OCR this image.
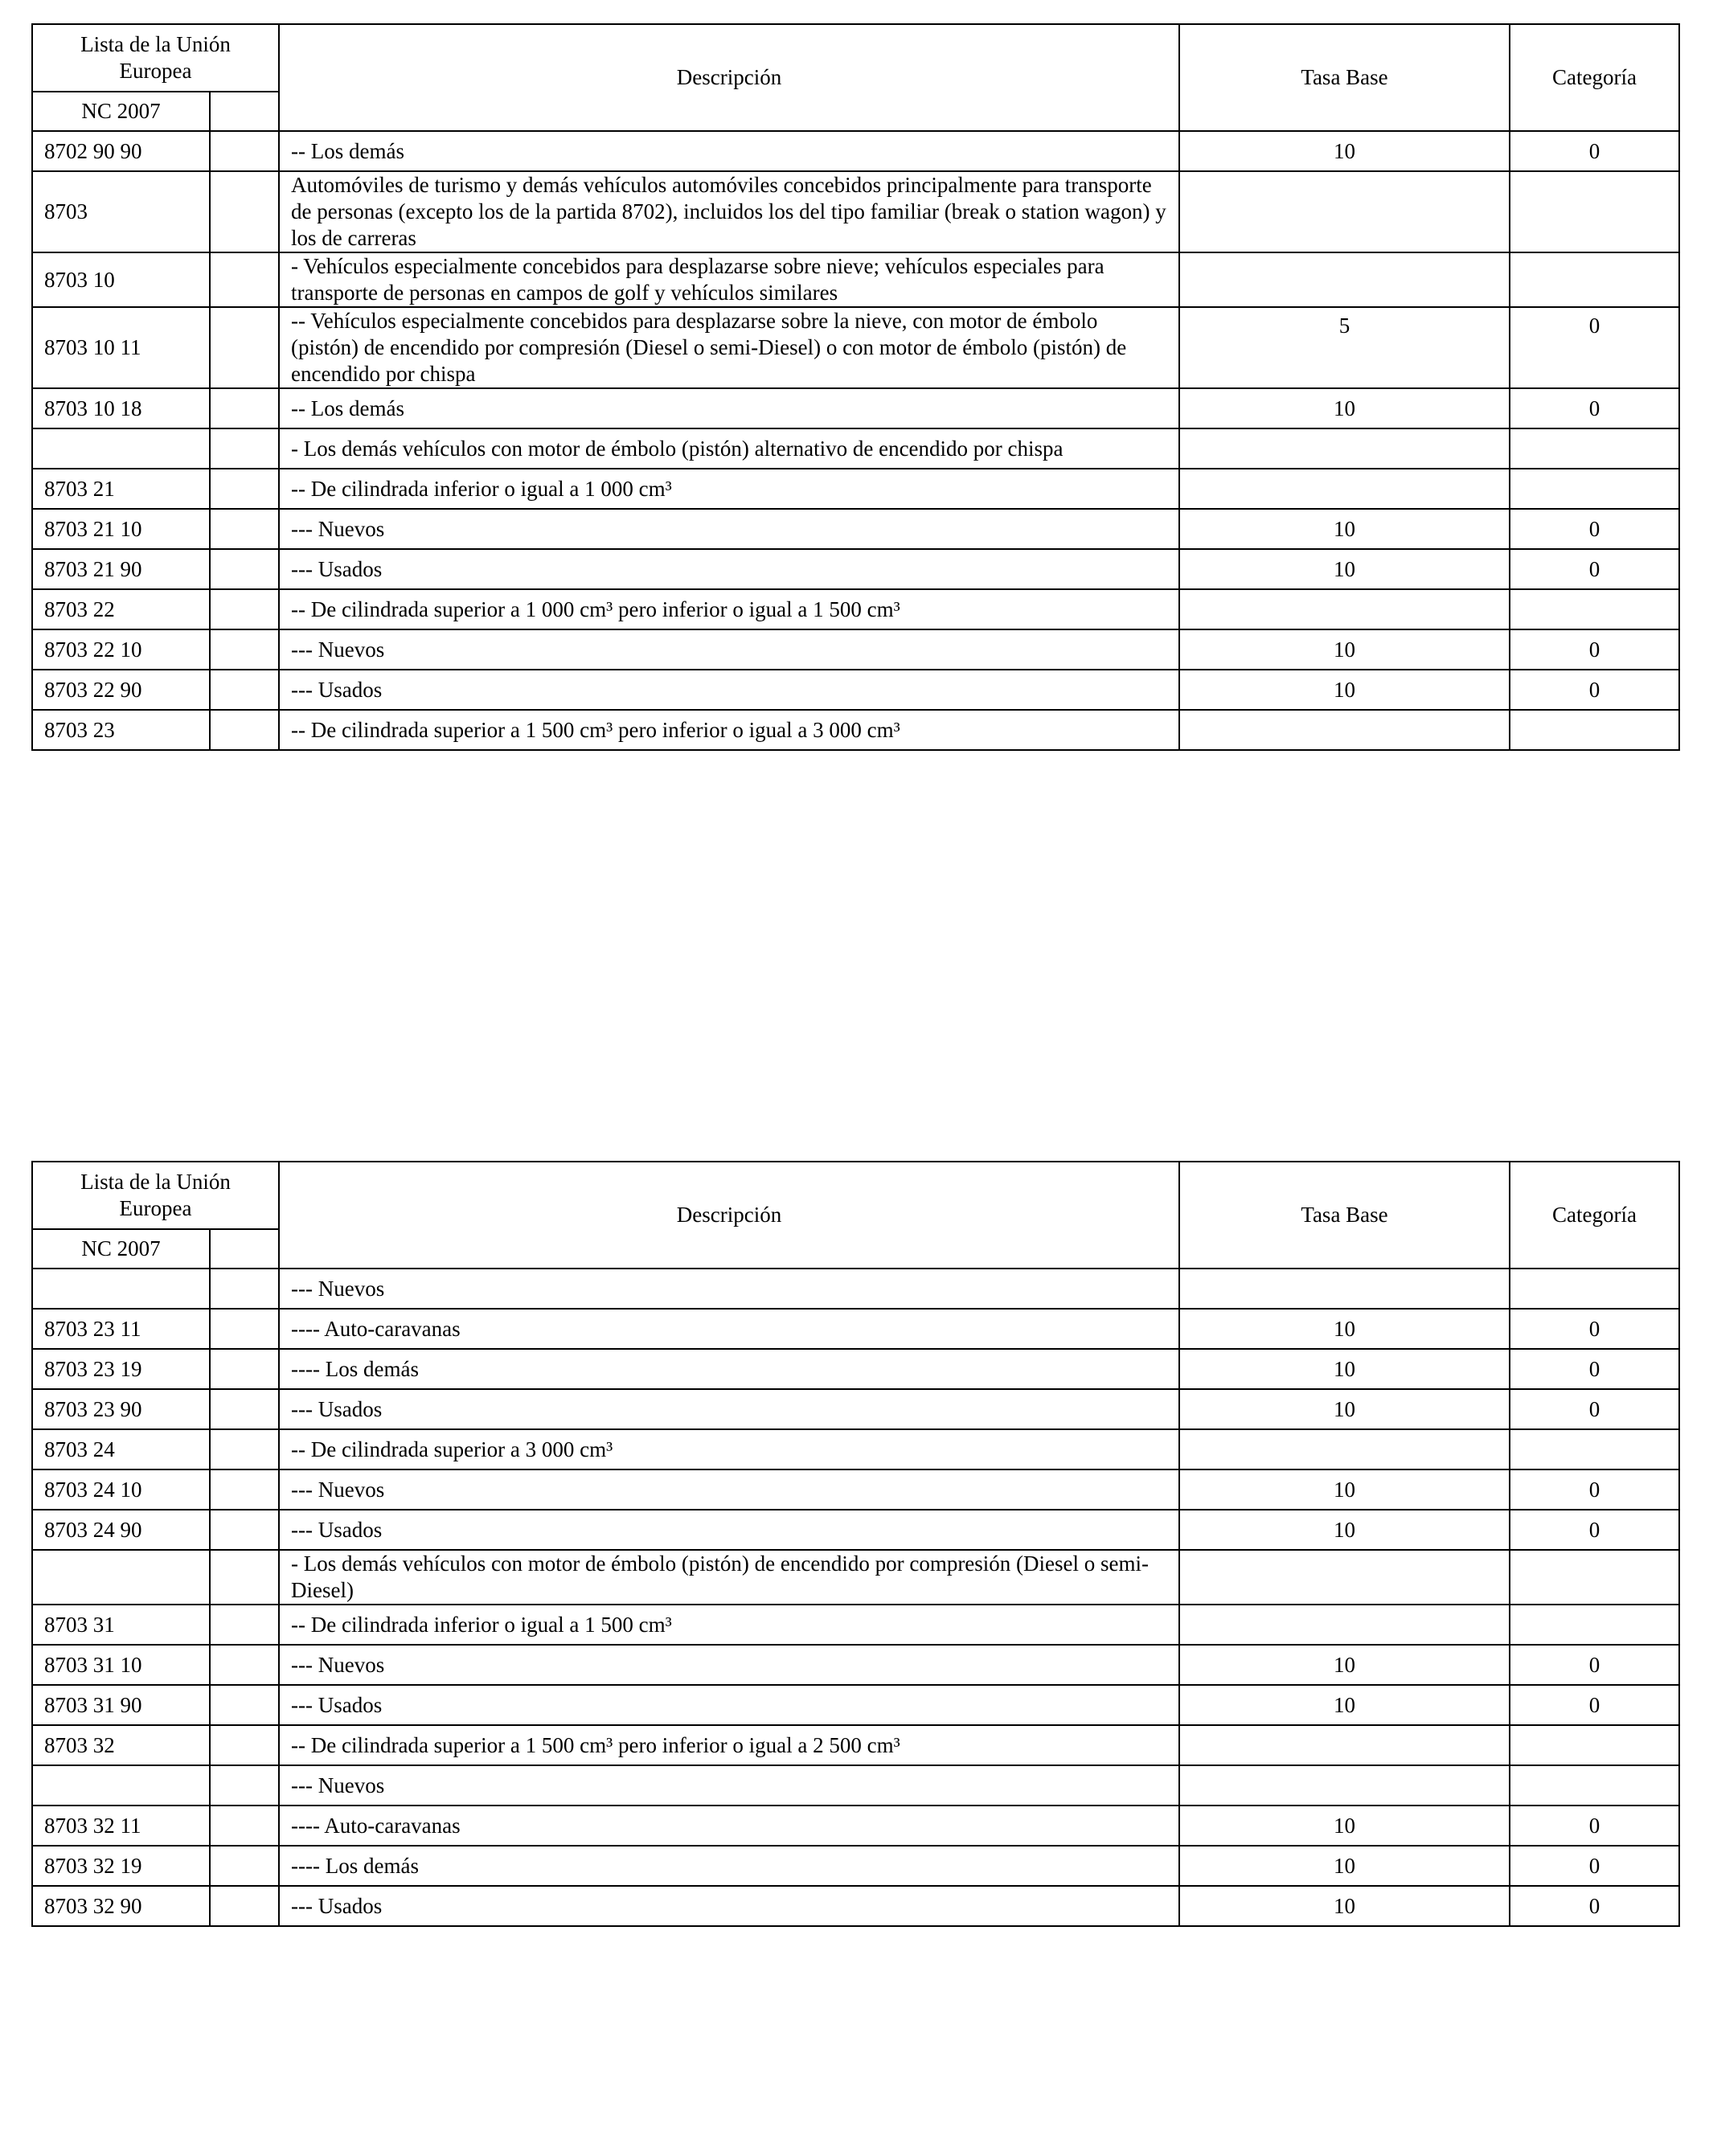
Lista de la Unión Europea		Descripción	Tasa Base	Categoría
NC 2007				
8702 90 90		-- Los demás	10	0
8703		Automóviles de turismo y demás vehículos automóviles concebidos principalmente para transporte de personas (excepto los de la partida 8702), incluidos los del tipo familiar (break o station wagon) y los de carreras		
8703 10		- Vehículos especialmente concebidos para desplazarse sobre nieve; vehículos especiales para transporte de personas en campos de golf y vehículos similares		
8703 10 11		-- Vehículos especialmente concebidos para desplazarse sobre la nieve, con motor de émbolo (pistón) de encendido por compresión (Diesel o semi-Diesel) o con motor de émbolo (pistón) de encendido por chispa	5	0
8703 10 18		-- Los demás	10	0
		- Los demás vehículos con motor de émbolo (pistón) alternativo de encendido por chispa		
8703 21		-- De cilindrada inferior o igual a 1 000 cm³		
8703 21 10		--- Nuevos	10	0
8703 21 90		--- Usados	10	0
8703 22		-- De cilindrada superior a 1 000 cm³ pero inferior o igual a 1 500 cm³		
8703 22 10		--- Nuevos	10	0
8703 22 90		--- Usados	10	0
8703 23		-- De cilindrada superior a 1 500 cm³ pero inferior o igual a 3 000 cm³		
Lista de la Unión Europea		Descripción	Tasa Base	Categoría
NC 2007				
		--- Nuevos		
8703 23 11		---- Auto-caravanas	10	0
8703 23 19		---- Los demás	10	0
8703 23 90		--- Usados	10	0
8703 24		-- De cilindrada superior a 3 000 cm³		
8703 24 10		--- Nuevos	10	0
8703 24 90		--- Usados	10	0
		- Los demás vehículos con motor de émbolo (pistón) de encendido por compresión (Diesel o semi-Diesel)		
8703 31		-- De cilindrada inferior o igual a 1 500 cm³		
8703 31 10		--- Nuevos	10	0
8703 31 90		--- Usados	10	0
8703 32		-- De cilindrada superior a 1 500 cm³ pero inferior o igual a 2 500 cm³		
		--- Nuevos		
8703 32 11		---- Auto-caravanas	10	0
8703 32 19		---- Los demás	10	0
8703 32 90		--- Usados	10	0
